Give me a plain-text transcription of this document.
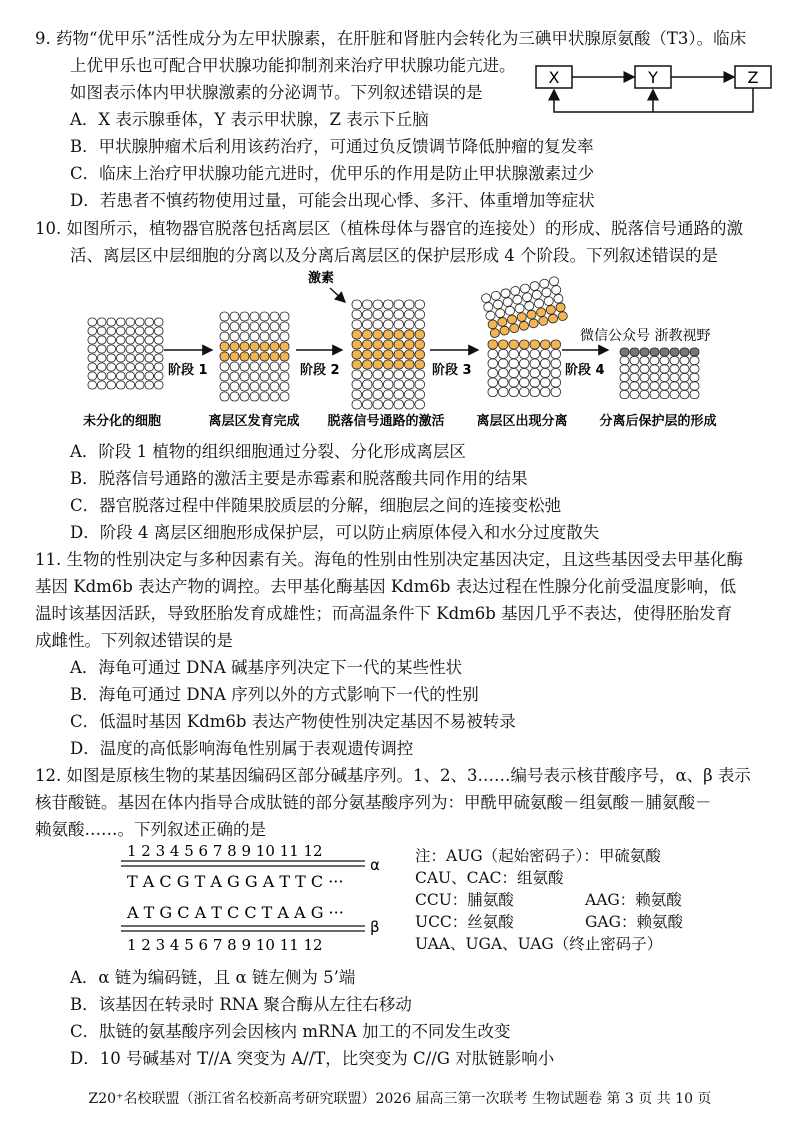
9. 药物“优甲乐”活性成分为左甲状腺素，在肝脏和肾脏内会转化为三碘甲状腺原氨酸（T3）。临床
上优甲乐也可配合甲状腺功能抑制剂来治疗甲状腺功能亢进。
如图表示体内甲状腺激素的分泌调节。下列叙述错误的是
X	Y	Z
A．X 表示腺垂体，Y 表示甲状腺，Z 表示下丘脑
B．甲状腺肿瘤术后利用该药治疗，可通过负反馈调节降低肿瘤的复发率
C．临床上治疗甲状腺功能亢进时，优甲乐的作用是防止甲状腺激素过少
D．若患者不慎药物使用过量，可能会出现心悸、多汗、体重增加等症状
10. 如图所示，植物器官脱落包括离层区（植株母体与器官的连接处）的形成、脱落信号通路的激
活、离层区中层细胞的分离以及分离后离层区的保护层形成 4 个阶段。下列叙述错误的是
激素
微信公众号 浙教视野
阶段 1	阶段 2	阶段 3	阶段 4
未分化的细胞	离层区发育完成 脱落信号通路的激活 离层区出现分离 分离后保护层的形成
A．阶段 1 植物的组织细胞通过分裂、分化形成离层区
B．脱落信号通路的激活主要是赤霉素和脱落酸共同作用的结果
C．器官脱落过程中伴随果胶质层的分解，细胞层之间的连接变松弛
D．阶段 4 离层区细胞形成保护层，可以防止病原体侵入和水分过度散失
11. 生物的性别决定与多种因素有关。海龟的性别由性别决定基因决定，且这些基因受去甲基化酶
基因 Kdm6b 表达产物的调控。去甲基化酶基因 Kdm6b 表达过程在性腺分化前受温度影响，低
温时该基因活跃，导致胚胎发育成雄性；而高温条件下 Kdm6b 基因几乎不表达，使得胚胎发育
成雌性。下列叙述错误的是
A．海龟可通过 DNA 碱基序列决定下一代的某些性状
B．海龟可通过 DNA 序列以外的方式影响下一代的性别
C．低温时基因 Kdm6b 表达产物使性别决定基因不易被转录
D．温度的高低影响海龟性别属于表观遗传调控
12. 如图是原核生物的某基因编码区部分碱基序列。1、2、3……编号表示核苷酸序号，α、β 表示
核苷酸链。基因在体内指导合成肽链的部分氨基酸序列为：甲酰甲硫氨酸－组氨酸－脯氨酸－
赖氨酸……。下列叙述正确的是
1 2 3 4 5 6 7 8 9 10 11 12
α
T A C G T A G G A T T C ···
A T G C A T C C T A A G ···
β
1 2 3 4 5 6 7 8 9 10 11 12
注：AUG（起始密码子）：甲硫氨酸
CAU、CAC：组氨酸
CCU：脯氨酸	AAG：赖氨酸
UCC：丝氨酸	GAG：赖氨酸
UAA、UGA、UAG（终止密码子）
A．α 链为编码链，且 α 链左侧为 5’端
B．该基因在转录时 RNA 聚合酶从左往右移动
C．肽链的氨基酸序列会因核内 mRNA 加工的不同发生改变
D．10 号碱基对 T//A 突变为 A//T，比突变为 C//G 对肽链影响小
Z20⁺名校联盟（浙江省名校新高考研究联盟）2026 届高三第一次联考 生物试题卷 第 3 页 共 10 页
